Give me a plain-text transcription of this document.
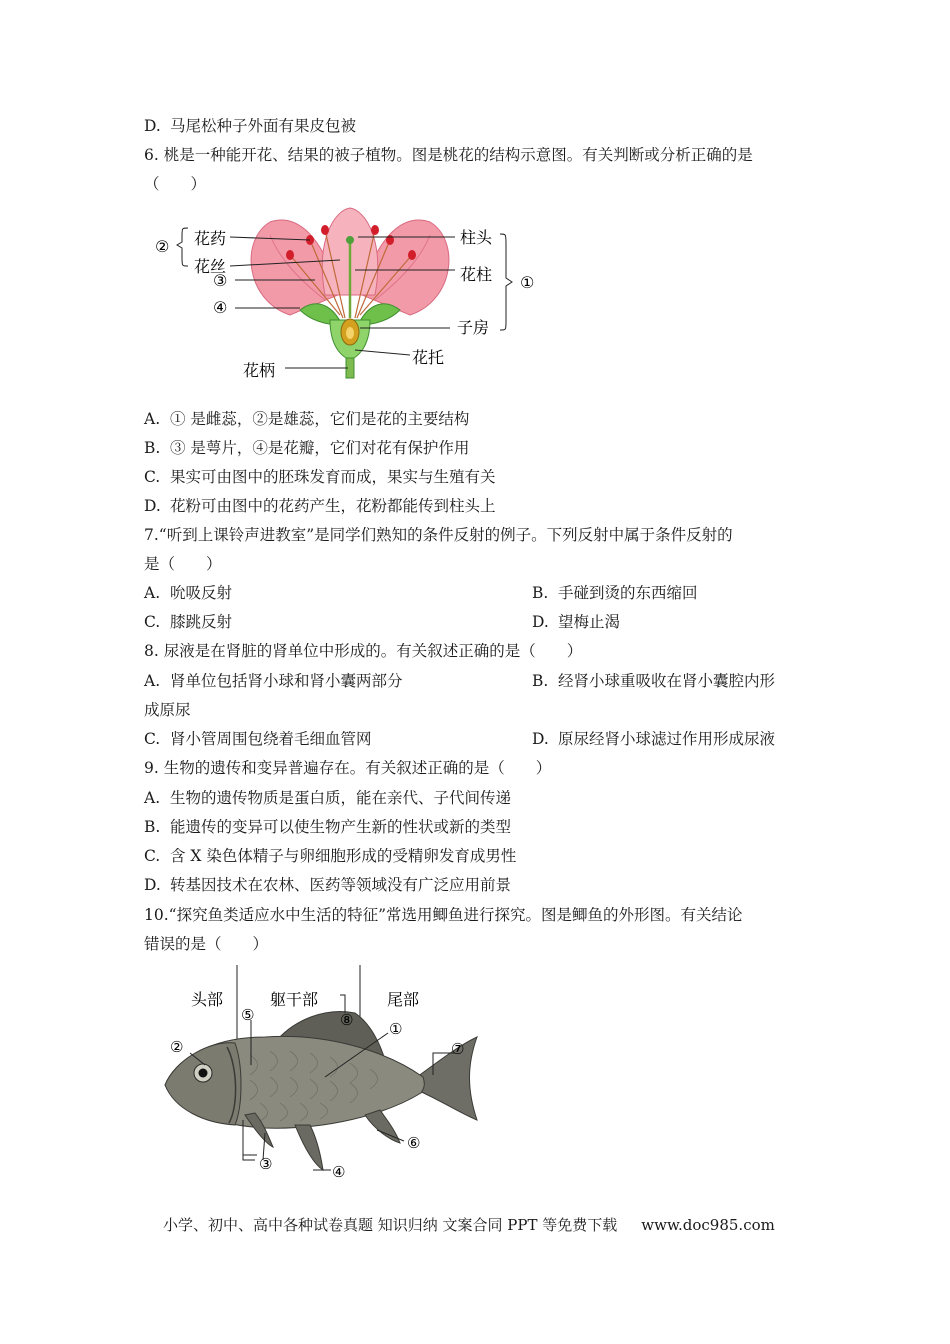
D. 马尾松种子外面有果皮包被
6. 桃是一种能开花、结果的被子植物。图是桃花的结构示意图。有关判断或分析正确的是
（　　）
花药
花丝
②
③
④
柱头
花柱 ①
子房
花托
花柄
A. ① 是雌蕊，②是雄蕊，它们是花的主要结构
B. ③ 是萼片，④是花瓣，它们对花有保护作用
C. 果实可由图中的胚珠发育而成，果实与生殖有关
D. 花粉可由图中的花药产生，花粉都能传到柱头上
7.“听到上课铃声进教室”是同学们熟知的条件反射的例子。下列反射中属于条件反射的
是（　　）
A. 吮吸反射	B. 手碰到烫的东西缩回
C. 膝跳反射	D. 望梅止渴
8. 尿液是在肾脏的肾单位中形成的。有关叙述正确的是（　　）
A. 肾单位包括肾小球和肾小囊两部分	B. 经肾小球重吸收在肾小囊腔内形
成原尿
C. 肾小管周围包绕着毛细血管网	D. 原尿经肾小球滤过作用形成尿液
9. 生物的遗传和变异普遍存在。有关叙述正确的是（　　）
A. 生物的遗传物质是蛋白质，能在亲代、子代间传递
B. 能遗传的变异可以使生物产生新的性状或新的类型
C. 含 X 染色体精子与卵细胞形成的受精卵发育成男性
D. 转基因技术在农林、医药等领域没有广泛应用前景
10.“探究鱼类适应水中生活的特征”常选用鲫鱼进行探究。图是鲫鱼的外形图。有关结论
错误的是（　　）
头部	躯干部	尾部
⑤	⑧ ①
②	⑦
⑥
③	④
小学、初中、高中各种试卷真题 知识归纳 文案合同 PPT 等免费下载 www.doc985.com
